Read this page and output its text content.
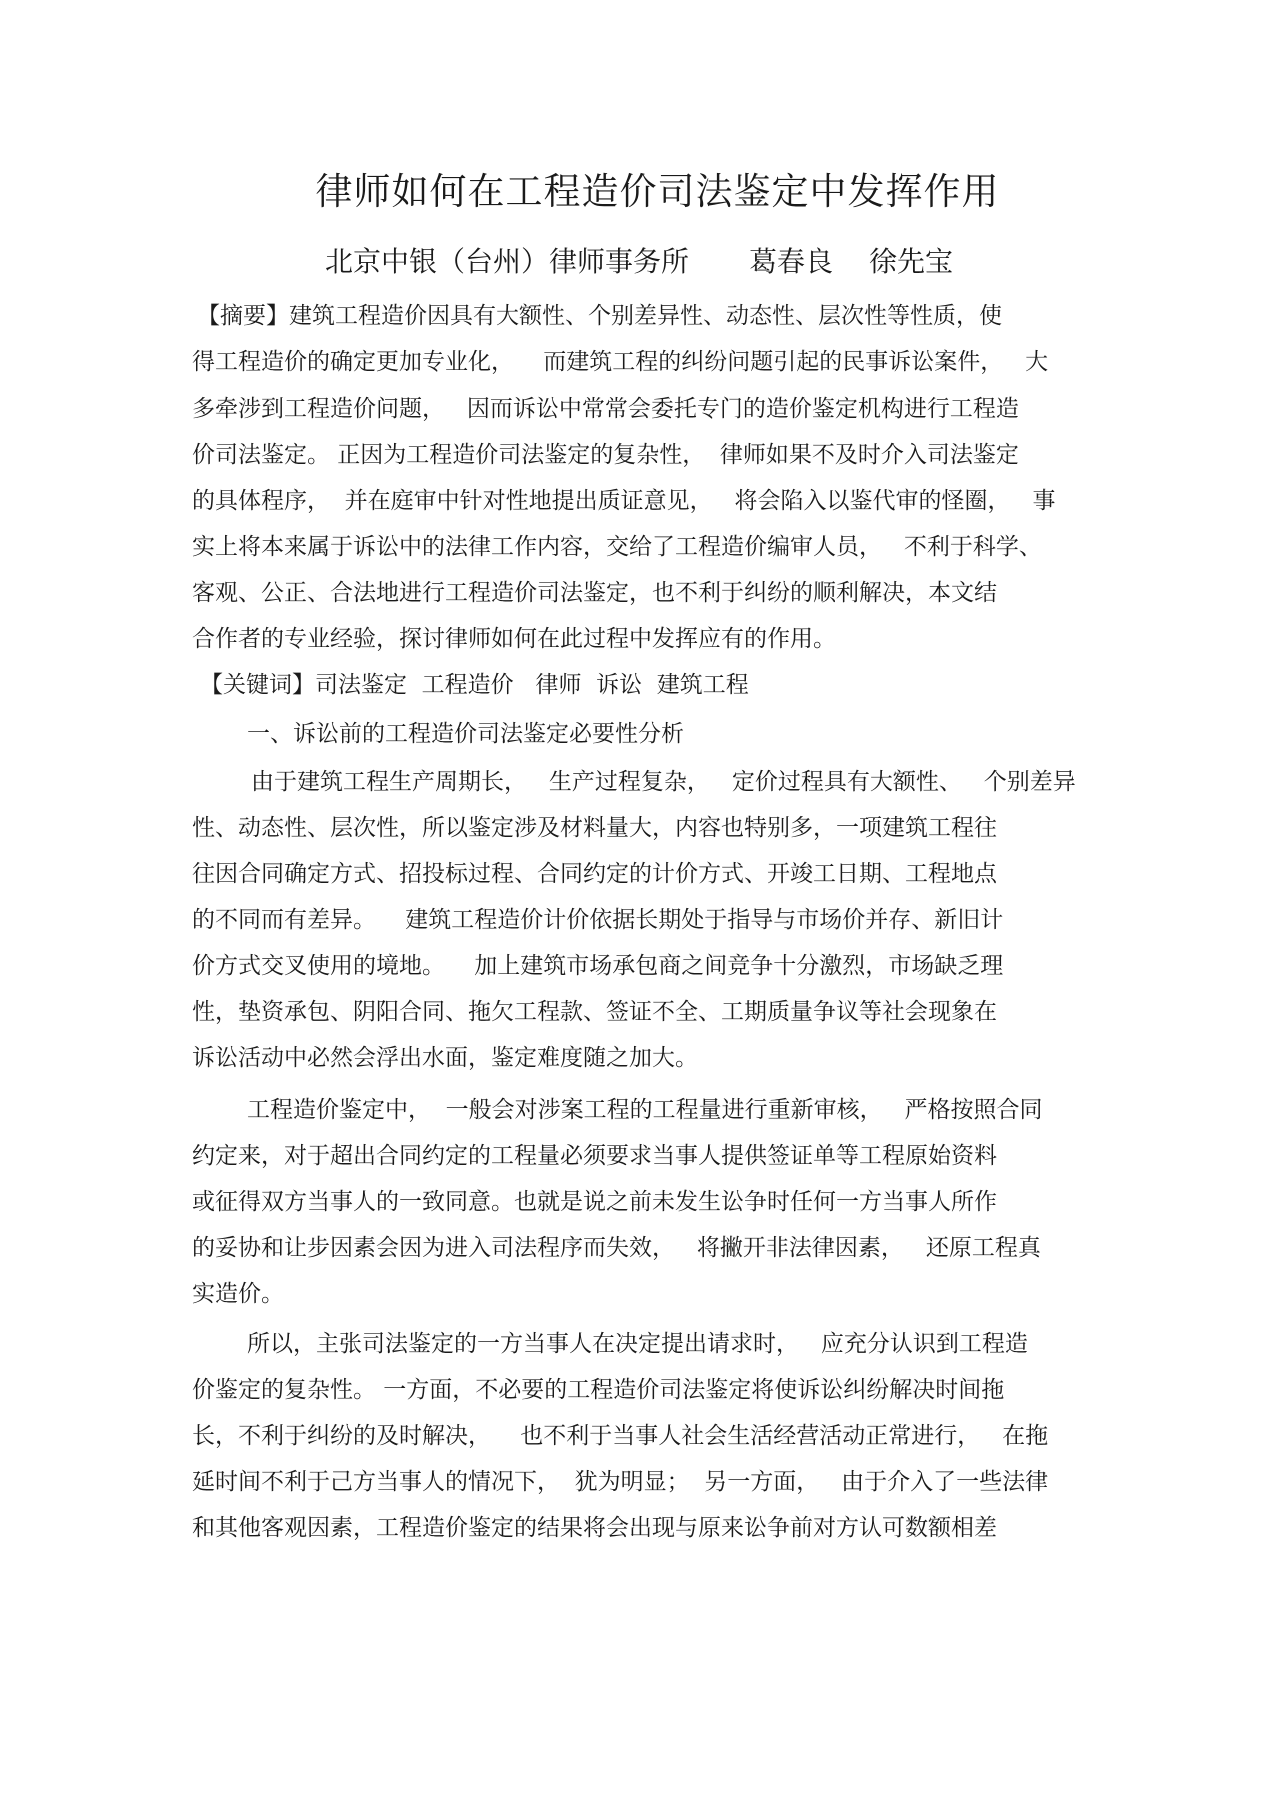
律师如何在工程造价司法鉴定中发挥作用
北京中银（台州）律师事务所 葛春良 徐先宝
【摘要】建筑工程造价因具有大额性、个别差异性、动态性、层次性等性质，使
得工程造价的确定更加专业化，    而建筑工程的纠纷问题引起的民事诉讼案件，   大
多牵涉到工程造价问题，   因而诉讼中常常会委托专门的造价鉴定机构进行工程造
价司法鉴定。 正因为工程造价司法鉴定的复杂性，  律师如果不及时介入司法鉴定
的具体程序，  并在庭审中针对性地提出质证意见，   将会陷入以鉴代审的怪圈，   事
实上将本来属于诉讼中的法律工作内容，交给了工程造价编审人员，   不利于科学、
客观、公正、合法地进行工程造价司法鉴定，也不利于纠纷的顺利解决，本文结
合作者的专业经验，探讨律师如何在此过程中发挥应有的作用。
【关键词】司法鉴定  工程造价   律师  诉讼  建筑工程
一、诉讼前的工程造价司法鉴定必要性分析
由于建筑工程生产周期长，   生产过程复杂，   定价过程具有大额性、   个别差异
性、动态性、层次性，所以鉴定涉及材料量大，内容也特别多，一项建筑工程往
往因合同确定方式、招投标过程、合同约定的计价方式、开竣工日期、工程地点
的不同而有差异。    建筑工程造价计价依据长期处于指导与市场价并存、新旧计
价方式交叉使用的境地。    加上建筑市场承包商之间竞争十分激烈，市场缺乏理
性，垫资承包、阴阳合同、拖欠工程款、签证不全、工期质量争议等社会现象在
诉讼活动中必然会浮出水面，鉴定难度随之加大。
工程造价鉴定中，  一般会对涉案工程的工程量进行重新审核，   严格按照合同
约定来，对于超出合同约定的工程量必须要求当事人提供签证单等工程原始资料
或征得双方当事人的一致同意。也就是说之前未发生讼争时任何一方当事人所作
的妥协和让步因素会因为进入司法程序而失效，   将撇开非法律因素，   还原工程真
实造价。
所以，主张司法鉴定的一方当事人在决定提出请求时，   应充分认识到工程造
价鉴定的复杂性。 一方面，不必要的工程造价司法鉴定将使诉讼纠纷解决时间拖
长，不利于纠纷的及时解决，    也不利于当事人社会生活经营活动正常进行，   在拖
延时间不利于己方当事人的情况下，  犹为明显；  另一方面，   由于介入了一些法律
和其他客观因素，工程造价鉴定的结果将会出现与原来讼争前对方认可数额相差
